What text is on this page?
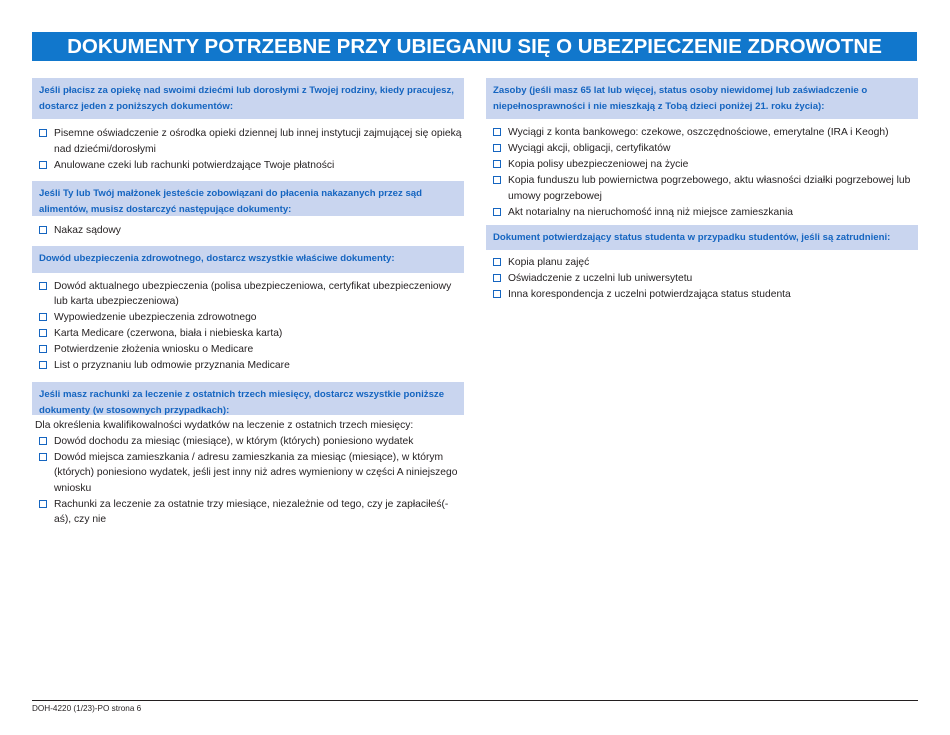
DOKUMENTY POTRZEBNE PRZY UBIEGANIU SIĘ O UBEZPIECZENIE ZDROWOTNE
Jeśli płacisz za opiekę nad swoimi dziećmi lub dorosłymi z Twojej rodziny, kiedy pracujesz, dostarcz jeden z poniższych dokumentów:
Pisemne oświadczenie z ośrodka opieki dziennej lub innej instytucji zajmującej się opieką nad dziećmi/dorosłymi
Anulowane czeki lub rachunki potwierdzające Twoje płatności
Jeśli Ty lub Twój małżonek jesteście zobowiązani do płacenia nakazanych przez sąd alimentów, musisz dostarczyć następujące dokumenty:
Nakaz sądowy
Dowód ubezpieczenia zdrowotnego, dostarcz wszystkie właściwe dokumenty:
Dowód aktualnego ubezpieczenia (polisa ubezpieczeniowa, certyfikat ubezpieczeniowy lub karta ubezpieczeniowa)
Wypowiedzenie ubezpieczenia zdrowotnego
Karta Medicare (czerwona, biała i niebieska karta)
Potwierdzenie złożenia wniosku o Medicare
List o przyznaniu lub odmowie przyznania Medicare
Jeśli masz rachunki za leczenie z ostatnich trzech miesięcy, dostarcz wszystkie poniższe dokumenty (w stosownych przypadkach):
Dla określenia kwalifikowalności wydatków na leczenie z ostatnich trzech miesięcy:
Dowód dochodu za miesiąc (miesiące), w którym (których) poniesiono wydatek
Dowód miejsca zamieszkania / adresu zamieszkania za miesiąc (miesiące), w którym (których) poniesiono wydatek, jeśli jest inny niż adres wymieniony w części A niniejszego wniosku
Rachunki za leczenie za ostatnie trzy miesiące, niezależnie od tego, czy je zapłaciłeś(-aś), czy nie
Zasoby (jeśli masz 65 lat lub więcej, status osoby niewidomej lub zaświadczenie o niepełnosprawności i nie mieszkają z Tobą dzieci poniżej 21. roku życia):
Wyciągi z konta bankowego: czekowe, oszczędnościowe, emerytalne (IRA i Keogh)
Wyciągi akcji, obligacji, certyfikatów
Kopia polisy ubezpieczeniowej na życie
Kopia funduszu lub powiernictwa pogrzebowego, aktu własności działki pogrzebowej lub umowy pogrzebowej
Akt notarialny na nieruchomość inną niż miejsce zamieszkania
Dokument potwierdzający status studenta w przypadku studentów, jeśli są zatrudnieni:
Kopia planu zajęć
Oświadczenie z uczelni lub uniwersytetu
Inna korespondencja z uczelni potwierdzająca status studenta
DOH-4220 (1/23)-PO strona 6
